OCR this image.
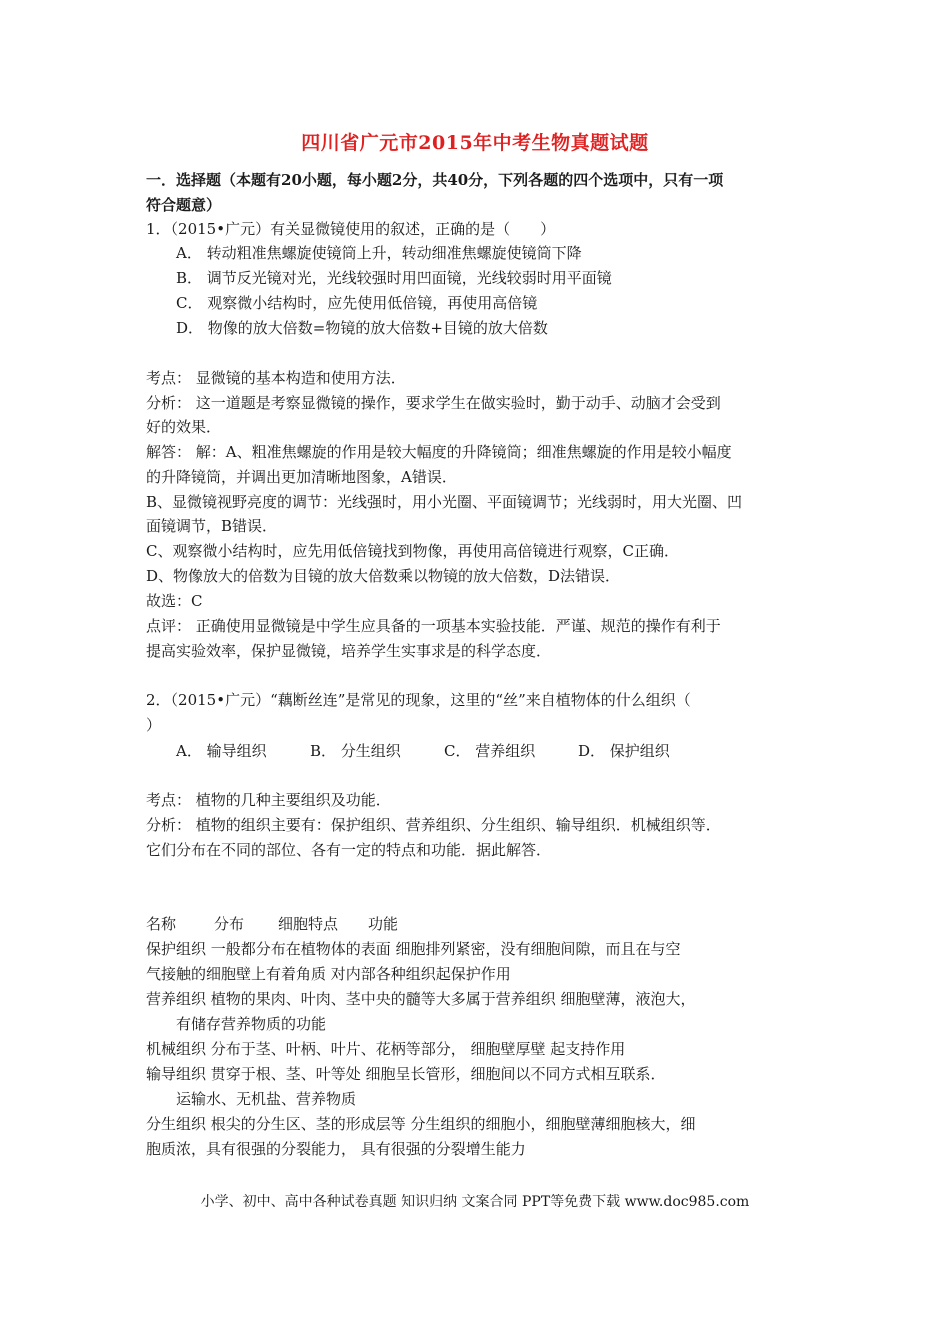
四川省广元市2015年中考生物真题试题
一．选择题（本题有20小题，每小题2分，共40分，下列各题的四个选项中，只有一项
符合题意）
1．（2015•广元）有关显微镜使用的叙述，正确的是（　　）
A． 转动粗准焦螺旋使镜筒上升，转动细准焦螺旋使镜筒下降
B． 调节反光镜对光，光线较强时用凹面镜，光线较弱时用平面镜
C． 观察微小结构时，应先使用低倍镜，再使用高倍镜
D． 物像的放大倍数=物镜的放大倍数+目镜的放大倍数
考点： 显微镜的基本构造和使用方法．
分析： 这一道题是考察显微镜的操作，要求学生在做实验时，勤于动手、动脑才会受到
好的效果．
解答： 解：A、粗准焦螺旋的作用是较大幅度的升降镜筒；细准焦螺旋的作用是较小幅度
的升降镜筒，并调出更加清晰地图象，A错误．
B、显微镜视野亮度的调节：光线强时，用小光圈、平面镜调节；光线弱时，用大光圈、凹
面镜调节，B错误．
C、观察微小结构时，应先用低倍镜找到物像，再使用高倍镜进行观察，C正确．
D、物像放大的倍数为目镜的放大倍数乘以物镜的放大倍数，D法错误．
故选：C
点评： 正确使用显微镜是中学生应具备的一项基本实验技能．严谨、规范的操作有利于
提高实验效率，保护显微镜，培养学生实事求是的科学态度．
2．（2015•广元）“藕断丝连”是常见的现象，这里的“丝”来自植物体的什么组织（
）
A． 输导组织	B． 分生组织	C． 营养组织	D． 保护组织
考点： 植物的几种主要组织及功能．
分析： 植物的组织主要有：保护组织、营养组织、分生组织、输导组织．机械组织等．
它们分布在不同的部位、各有一定的特点和功能．据此解答．
名称	分布 细胞特点 功能
保护组织 一般都分布在植物体的表面 细胞排列紧密，没有细胞间隙，而且在与空
气接触的细胞壁上有着角质 对内部各种组织起保护作用
营养组织 植物的果肉、叶肉、茎中央的髓等大多属于营养组织 细胞壁薄，液泡大，
有储存营养物质的功能
机械组织 分布于茎、叶柄、叶片、花柄等部分， 细胞壁厚壁 起支持作用
输导组织 贯穿于根、茎、叶等处 细胞呈长管形，细胞间以不同方式相互联系．
运输水、无机盐、营养物质
分生组织 根尖的分生区、茎的形成层等 分生组织的细胞小，细胞壁薄细胞核大，细
胞质浓，具有很强的分裂能力， 具有很强的分裂增生能力
小学、初中、高中各种试卷真题 知识归纳 文案合同 PPT等免费下载 www.doc985.com
